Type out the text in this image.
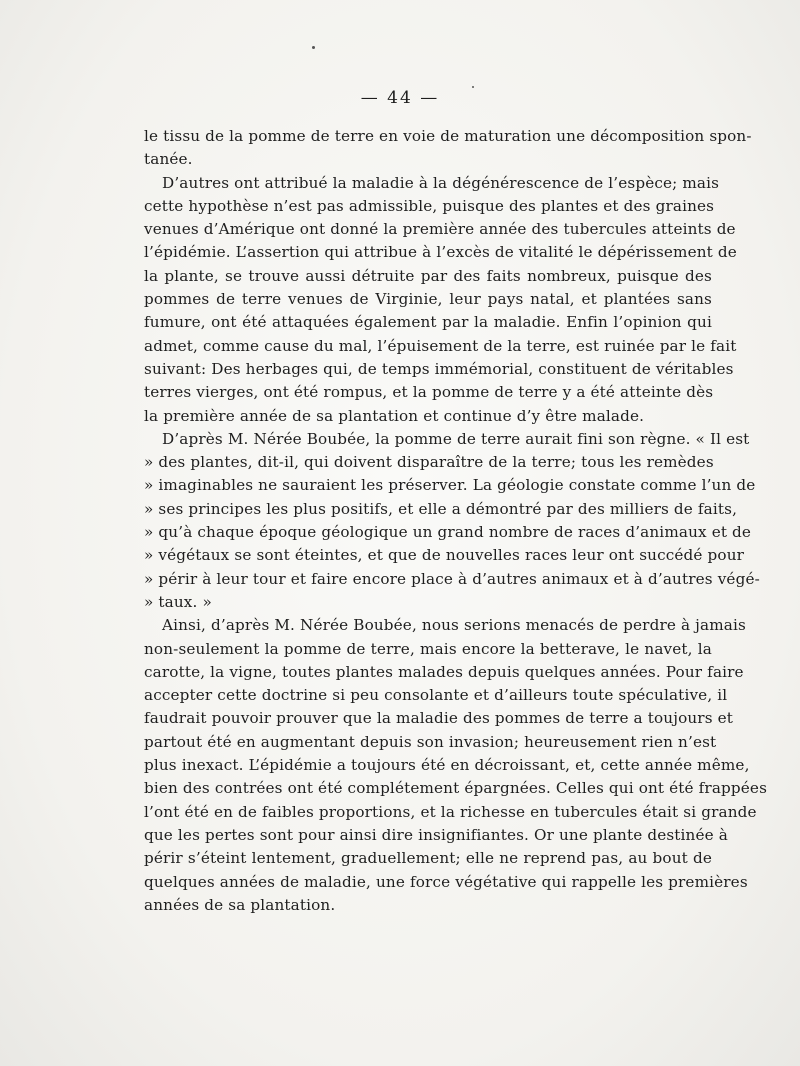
— 44 —

le tissu de la pomme de terre en voie de maturation une décomposition spon-
tanée.

D’autres ont attribué la maladie à la dégénérescence de l’espèce; mais
cette hypothèse n’est pas admissible, puisque des plantes et des graines
venues d’Amérique ont donné la première année des tubercules atteints de
l’épidémie. L’assertion qui attribue à l’excès de vitalité le dépérissement de
la plante, se trouve aussi détruite par des faits nombreux, puisque des
pommes de terre venues de Virginie, leur pays natal, et plantées sans
fumure, ont été attaquées également par la maladie. Enfin l’opinion qui
admet, comme cause du mal, l’épuisement de la terre, est ruinée par le fait
suivant: Des herbages qui, de temps immémorial, constituent de véritables
terres vierges, ont été rompus, et la pomme de terre y a été atteinte dès
la première année de sa plantation et continue d’y être malade.

D’après M. Nérée Boubée, la pomme de terre aurait fini son règne. « Il est
» des plantes, dit-il, qui doivent disparaître de la terre; tous les remèdes
» imaginables ne sauraient les préserver. La géologie constate comme l’un de
» ses principes les plus positifs, et elle a démontré par des milliers de faits,
» qu’à chaque époque géologique un grand nombre de races d’animaux et de
» végétaux se sont éteintes, et que de nouvelles races leur ont succédé pour
» périr à leur tour et faire encore place à d’autres animaux et à d’autres végé-
» taux. »

Ainsi, d’après M. Nérée Boubée, nous serions menacés de perdre à jamais
non-seulement la pomme de terre, mais encore la betterave, le navet, la
carotte, la vigne, toutes plantes malades depuis quelques années. Pour faire
accepter cette doctrine si peu consolante et d’ailleurs toute spéculative, il
faudrait pouvoir prouver que la maladie des pommes de terre a toujours et
partout été en augmentant depuis son invasion; heureusement rien n’est
plus inexact. L’épidémie a toujours été en décroissant, et, cette année même,
bien des contrées ont été complétement épargnées. Celles qui ont été frappées
l’ont été en de faibles proportions, et la richesse en tubercules était si grande
que les pertes sont pour ainsi dire insignifiantes. Or une plante destinée à
périr s’éteint lentement, graduellement; elle ne reprend pas, au bout de
quelques années de maladie, une force végétative qui rappelle les premières
années de sa plantation.
